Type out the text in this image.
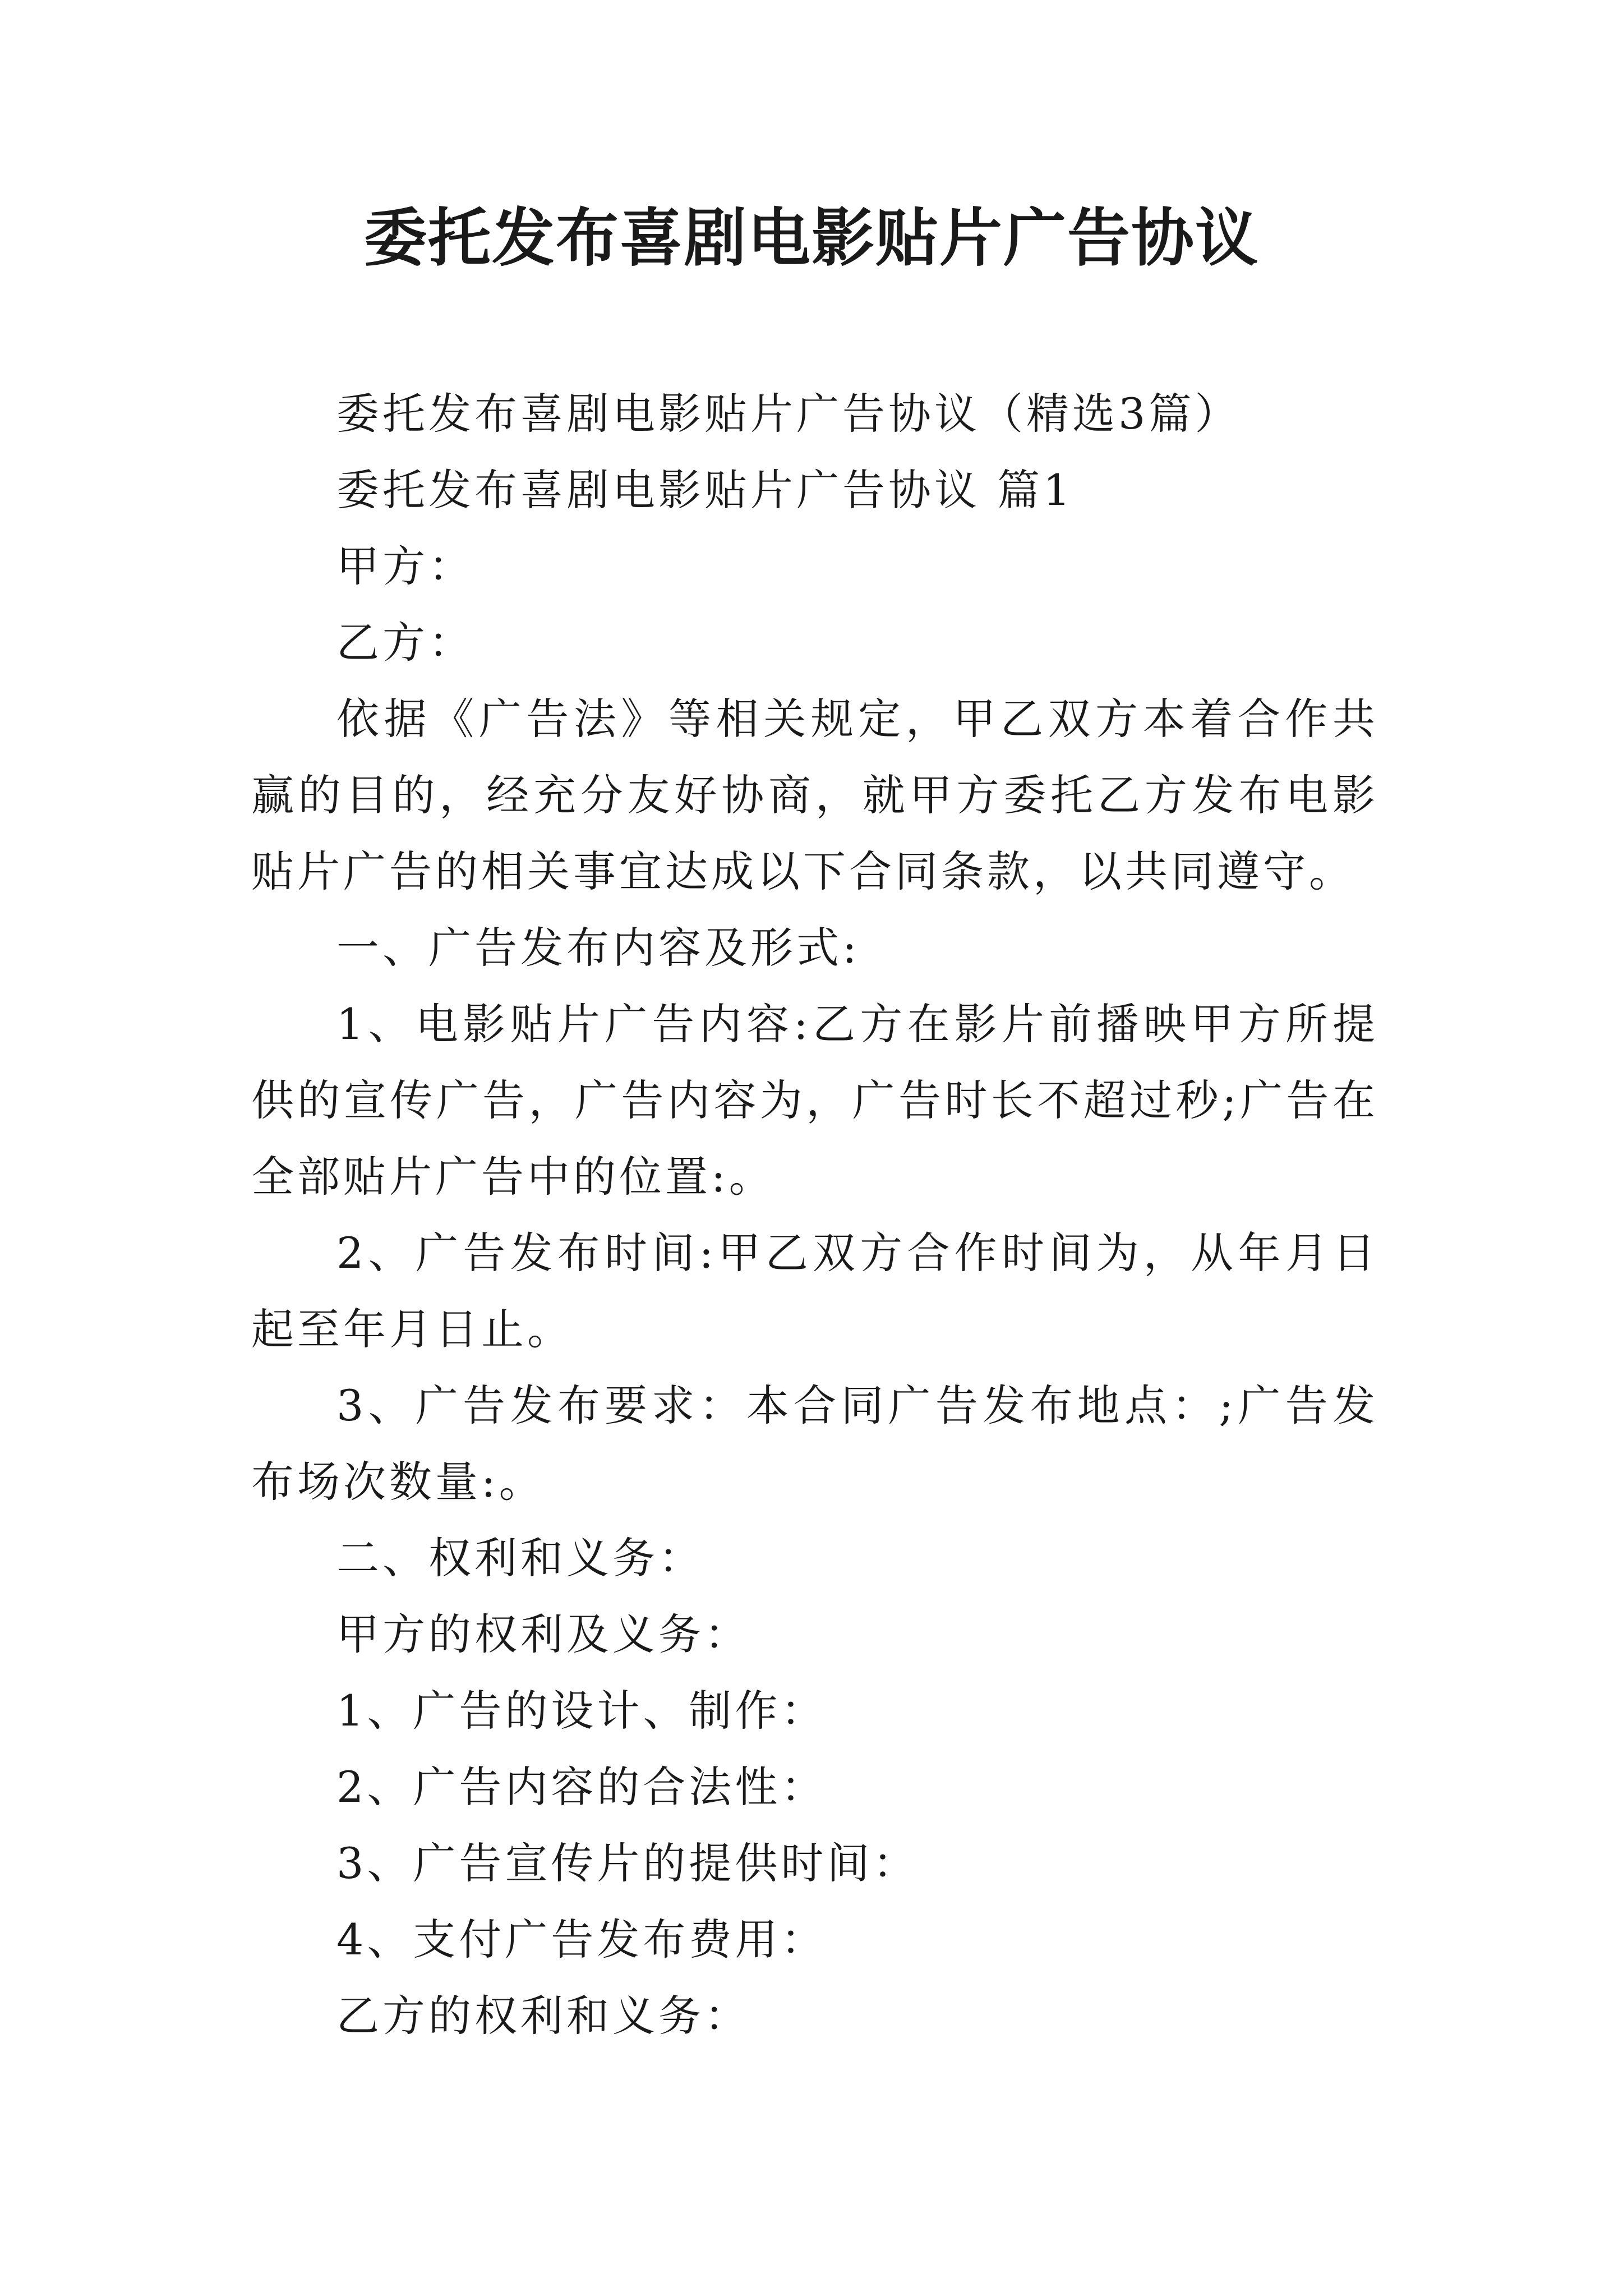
委托发布喜剧电影贴片广告协议

委托发布喜剧电影贴片广告协议（精选3篇）

委托发布喜剧电影贴片广告协议 篇1

甲方：

乙方：

依据《广告法》等相关规定，甲乙双方本着合作共赢的目的，经充分友好协商，就甲方委托乙方发布电影贴片广告的相关事宜达成以下合同条款，以共同遵守。

一、广告发布内容及形式:

1、电影贴片广告内容:乙方在影片前播映甲方所提供的宣传广告，广告内容为，广告时长不超过秒;广告在全部贴片广告中的位置:。

2、广告发布时间:甲乙双方合作时间为，从年月日起至年月日止。

3、广告发布要求：本合同广告发布地点：;广告发布场次数量:。

二、权利和义务：

甲方的权利及义务：

1、广告的设计、制作：

2、广告内容的合法性：

3、广告宣传片的提供时间：

4、支付广告发布费用：

乙方的权利和义务：
